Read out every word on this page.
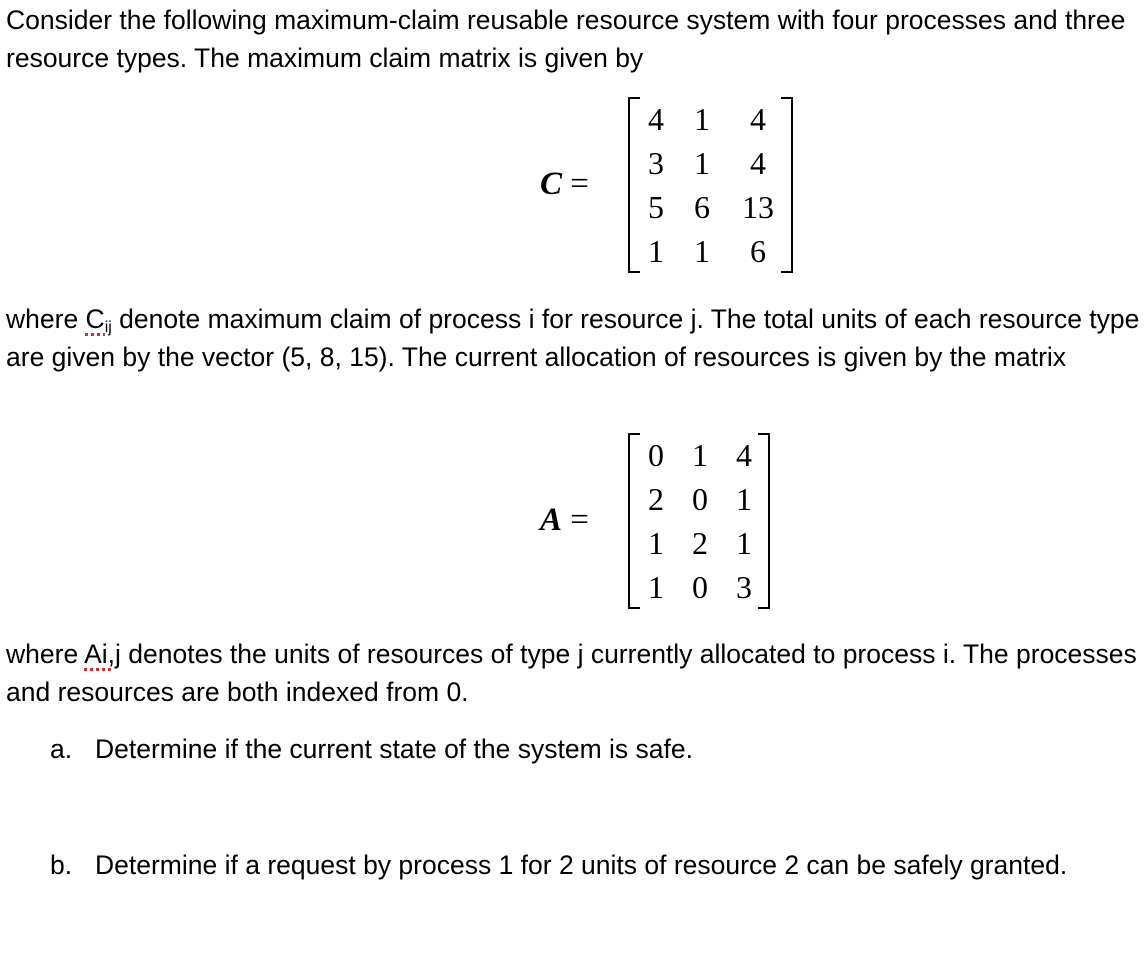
Consider the following maximum-claim reusable resource system with four processes and three resource types. The maximum claim matrix is given by

C =
4 1	4
3 1	4
5 6 13
1 1	6

where $C_{ij}$ denote maximum claim of process i for resource j. The total units of each resource type are given by the vector (5, 8, 15). The current allocation of resources is given by the matrix

A =
0 1 4
2 0 1
1 2 1
1 0 3

where Ai,j denotes the units of resources of type j currently allocated to process i. The processes and resources are both indexed from 0.

a. Determine if the current state of the system is safe.
b. Determine if a request by process 1 for 2 units of resource 2 can be safely granted.
